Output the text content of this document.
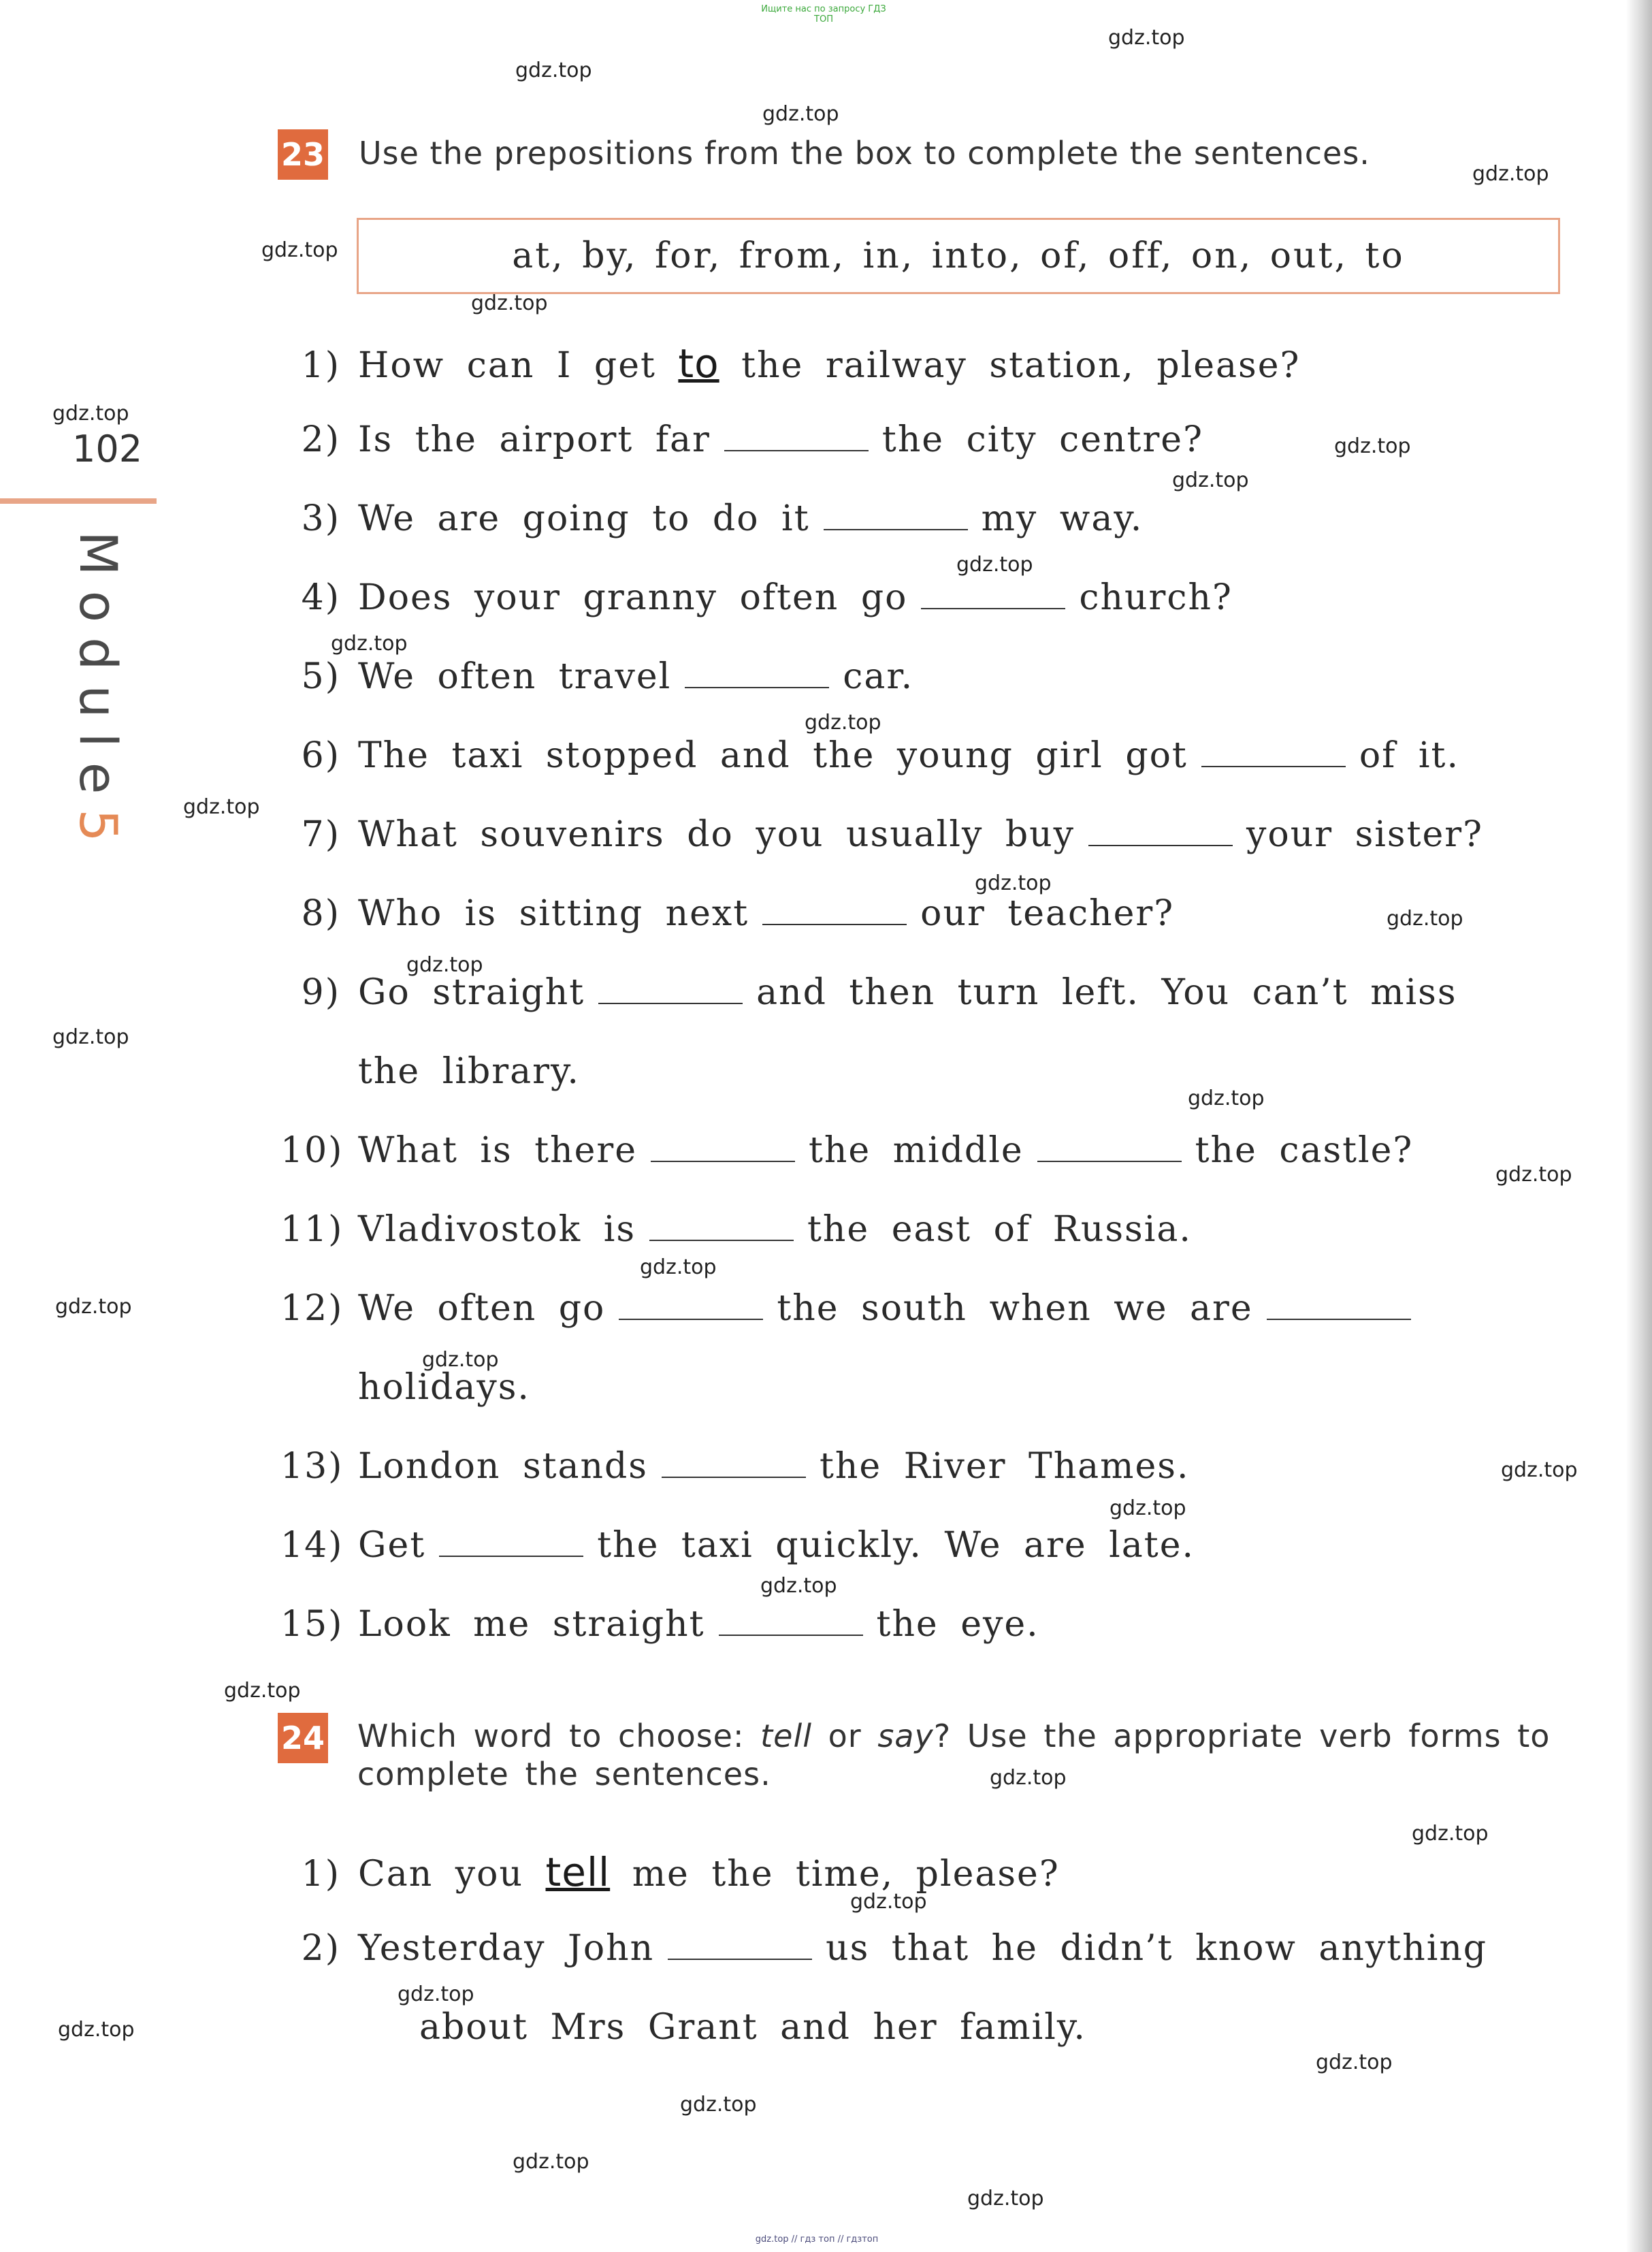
Ищите нас по запросу ГДЗ ТОП
gdz.top // гдз топ // гдзтоп
gdz.top
gdz.top
gdz.top
gdz.top
gdz.top
gdz.top
gdz.top
gdz.top
gdz.top
gdz.top
gdz.top
gdz.top
gdz.top
gdz.top
gdz.top
gdz.top
gdz.top
gdz.top
gdz.top
gdz.top
gdz.top
gdz.top
gdz.top
gdz.top
gdz.top
gdz.top
gdz.top
gdz.top
gdz.top
gdz.top
gdz.top
gdz.top
gdz.top
gdz.top
gdz.top
102
Module5
23 Use the prepositions from the box to complete the sentences.
at, by, for, from, in, into, of, off, on, out, to
1) How can I get to the railway station, please?
2) Is the airport far	the city centre?
3) We are going to do it	my way.
4) Does your granny often go	church?
5) We often travel	car.
6) The taxi stopped and the young girl got	of it.
7) What souvenirs do you usually buy	your sister?
8) Who is sitting next	our teacher?
9) Go straight	and then turn left. You can’t miss
the library.
10) What is there	the middle	the castle?
11) Vladivostok is	the east of Russia.
12) We often go	the south when we are
holidays.
13) London stands	the River Thames.
14) Get	the taxi quickly. We are late.
15) Look me straight	the eye.
24 Which word to choose: tell or say? Use the appropriate verb forms to complete the sentences.
1) Can you tell me the time, please?
2) Yesterday John	us that he didn’t know anything
about Mrs Grant and her family.
